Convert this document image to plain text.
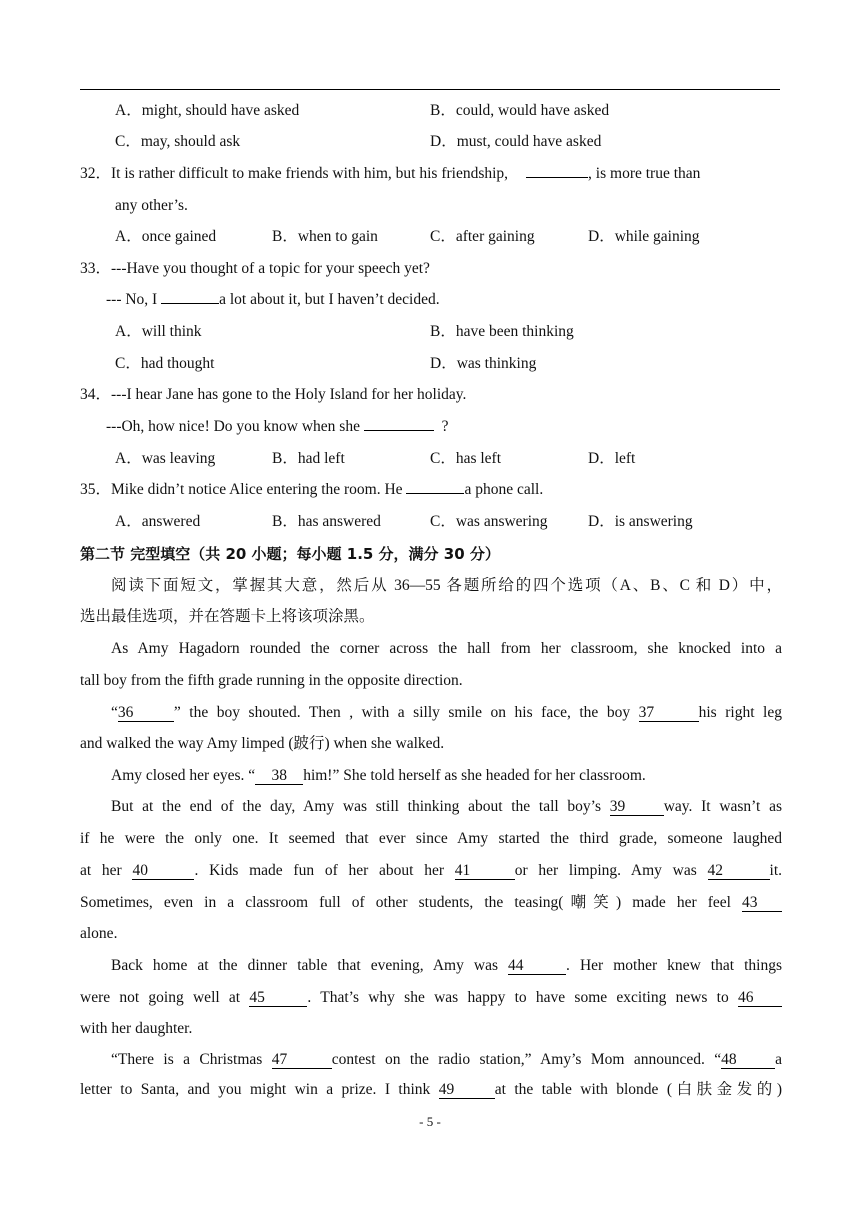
A．might, should have asked	B．could, would have asked
C．may, should ask	D．must, could have asked
32．It is rather difficult to make friends with him, but his friendship,	, is more true than
any other’s.
A．once gained	B．when to gain	C．after gaining	D．while gaining
33．---Have you thought of a topic for your speech yet?
--- No, I	a lot about it, but I haven’t decided.
A．will think	B．have been thinking
C．had thought	D．was thinking
34．---I hear Jane has gone to the Holy Island for her holiday.
---Oh, how nice! Do you know when she	?
A．was leaving	B．had left	C．has left	D．left
35．Mike didn’t notice Alice entering the room. He	a phone call.
A．answered	B．has answered	C．was answering	D．is answering
第二节 完型填空（共 20 小题；每小题 1.5 分，满分 30 分）
阅读下面短文，掌握其大意，然后从 36—55 各题所给的四个选项（A、B、C 和 D）中，
选出最佳选项，并在答题卡上将该项涂黑。
As Amy Hagadorn rounded the corner across the hall from her classroom, she knocked into a
tall boy from the fifth grade running in the opposite direction.
“36	” the boy shouted. Then , with a silly smile on his face, the boy 37	his right leg
and walked the way Amy limped (跛行) when she walked.
Amy closed her eyes. “ 38 him!” She told herself as she headed for her classroom.
But at the end of the day, Amy was still thinking about the tall boy’s 39 way. It wasn’t as
if he were the only one. It seemed that ever since Amy started the third grade, someone laughed
at her 40	. Kids made fun of her about her 41	or her limping. Amy was 42	it.
Sometimes, even in a classroom full of other students, the teasing(嘲笑) made her feel 43
alone.
Back home at the dinner table that evening, Amy was 44	. Her mother knew that things
were not going well at 45	. That’s why she was happy to have some exciting news to 46
with her daughter.
“There is a Christmas 47	contest on the radio station,” Amy’s Mom announced. “48 a
letter to Santa, and you might win a prize. I think 49	at the table with blonde (白肤金发的)
- 5 -
